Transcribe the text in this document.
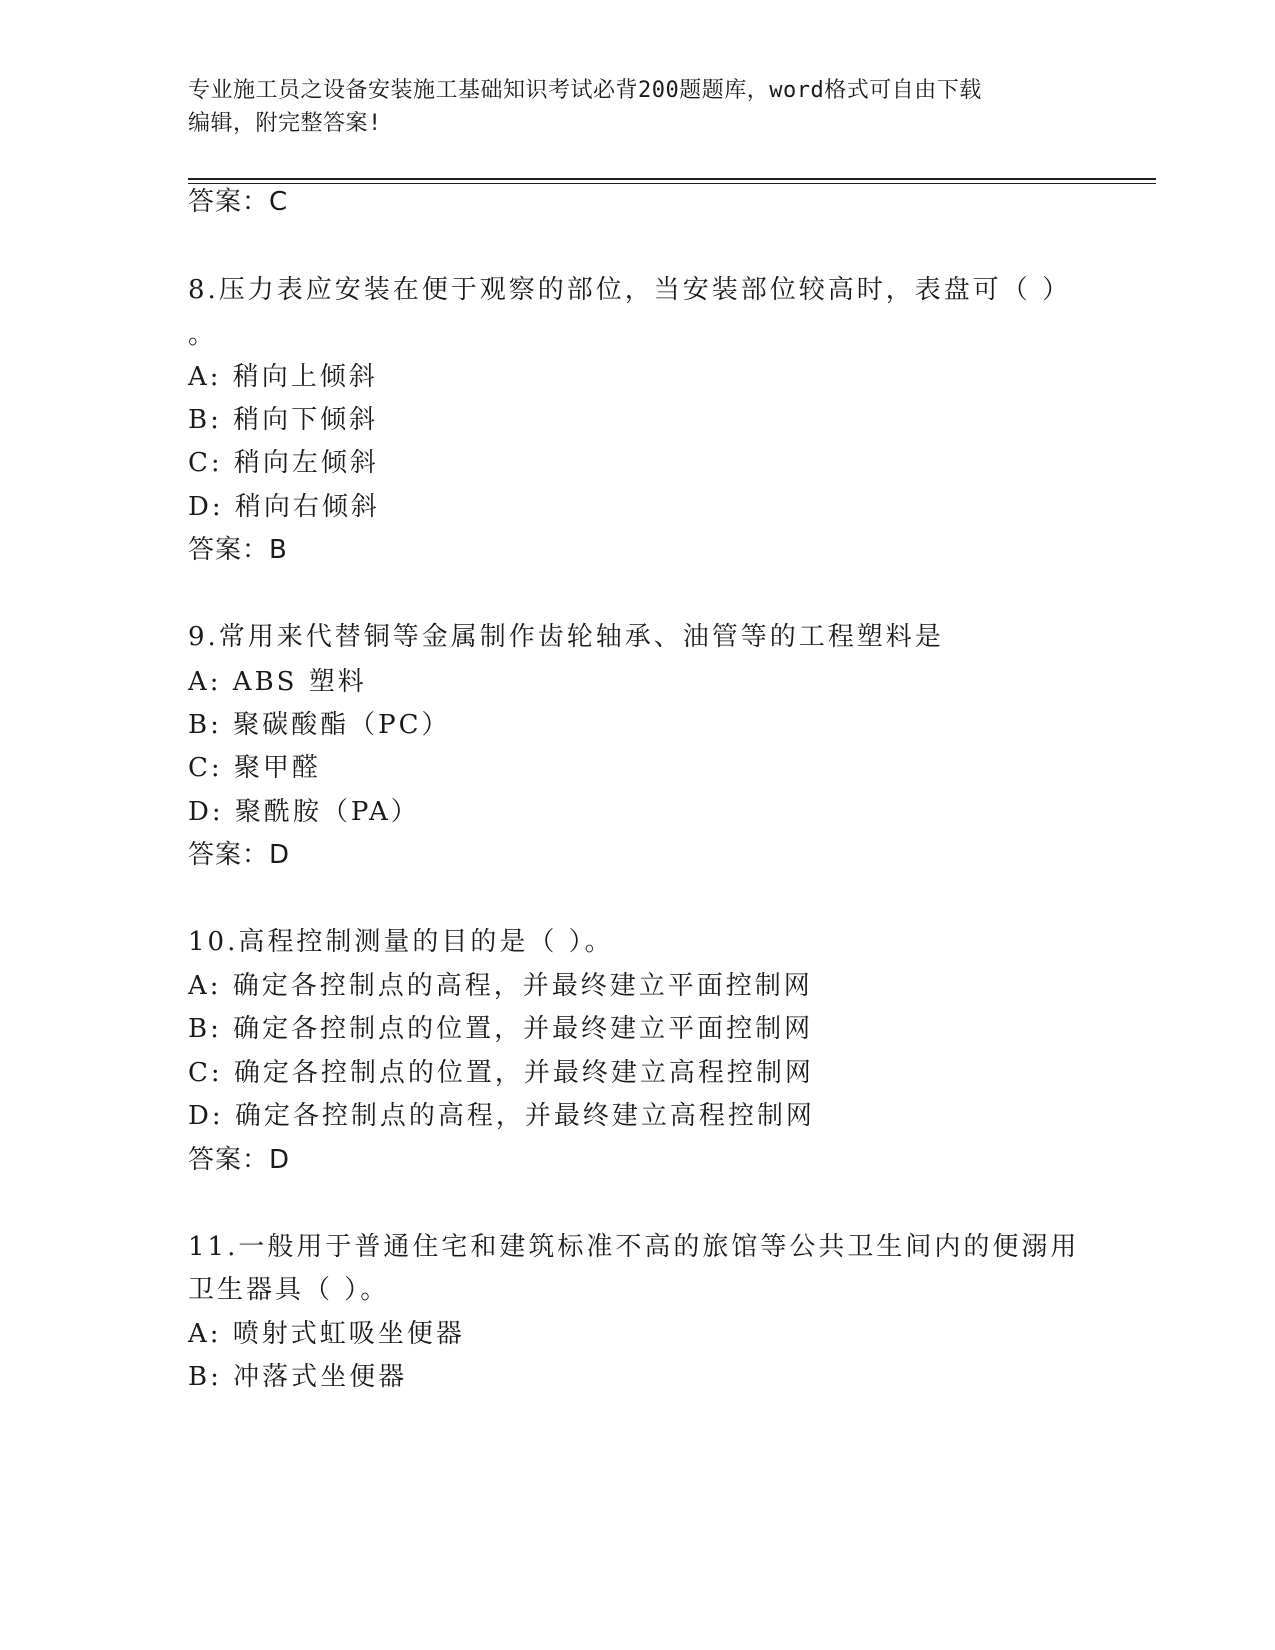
专业施工员之设备安装施工基础知识考试必背200题题库，word格式可自由下载
编辑，附完整答案!
答案：C
8.压力表应安装在便于观察的部位，当安装部位较高时，表盘可（ ）
。
A: 稍向上倾斜
B: 稍向下倾斜
C: 稍向左倾斜
D: 稍向右倾斜
答案：B
9.常用来代替铜等金属制作齿轮轴承、油管等的工程塑料是
A: ABS 塑料
B: 聚碳酸酯（PC）
C: 聚甲醛
D: 聚酰胺（PA）
答案：D
10.高程控制测量的目的是（ ）。
A: 确定各控制点的高程，并最终建立平面控制网
B: 确定各控制点的位置，并最终建立平面控制网
C: 确定各控制点的位置，并最终建立高程控制网
D: 确定各控制点的高程，并最终建立高程控制网
答案：D
11.一般用于普通住宅和建筑标准不高的旅馆等公共卫生间内的便溺用
卫生器具（ ）。
A: 喷射式虹吸坐便器
B: 冲落式坐便器
